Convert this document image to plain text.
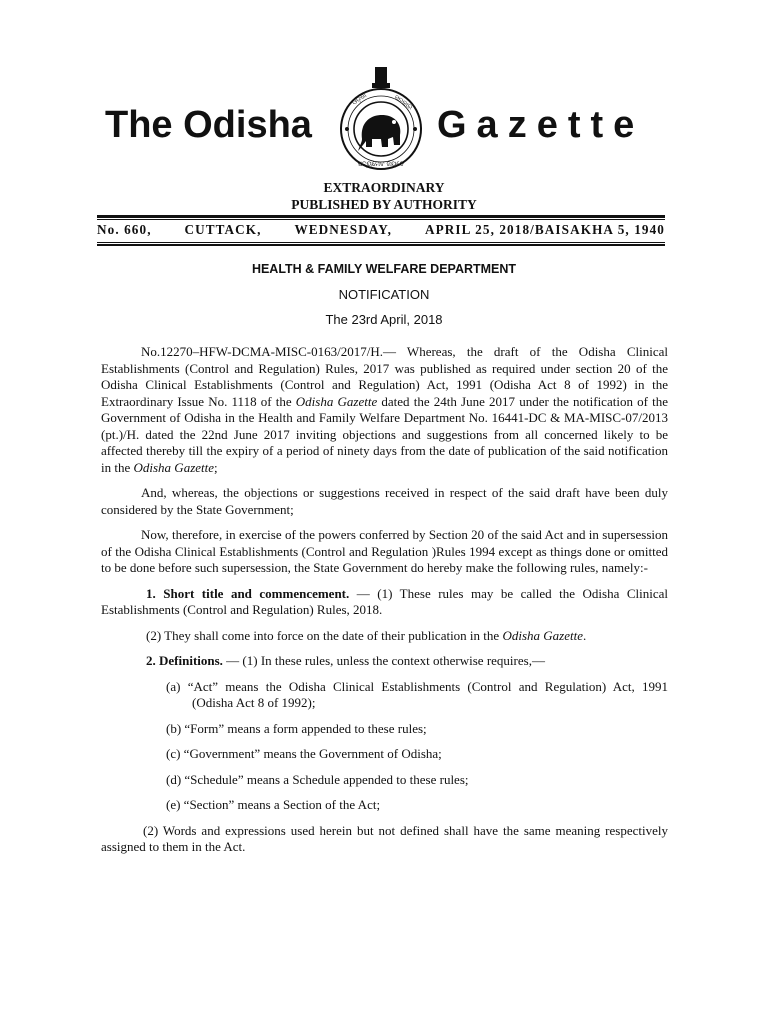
The Odisha
ଓଡ଼ିଶା	ସରକାର
ସତ୍ୟମେବ ଜୟତେ
Gazette
EXTRAORDINARY
PUBLISHED BY AUTHORITY
No. 660, CUTTACK, WEDNESDAY, APRIL 25, 2018/BAISAKHA 5, 1940
HEALTH & FAMILY WELFARE DEPARTMENT
NOTIFICATION
The 23rd April, 2018

No.12270–HFW-DCMA-MISC-0163/2017/H.— Whereas, the draft of the Odisha Clinical Establishments (Control and Regulation) Rules, 2017 was published as required under section 20 of the Odisha Clinical Establishments (Control and Regulation) Act, 1991 (Odisha Act 8 of 1992) in the Extraordinary Issue No. 1118 of the Odisha Gazette dated the 24th June 2017 under the notification of the Government of Odisha in the Health and Family Welfare Department No. 16441-DC & MA-MISC-07/2013 (pt.)/H. dated the 22nd June 2017 inviting objections and suggestions from all concerned likely to be affected thereby till the expiry of a period of ninety days from the date of publication of the said notification in the Odisha Gazette;

And, whereas, the objections or suggestions received in respect of the said draft have been duly considered by the State Government;

Now, therefore, in exercise of the powers conferred by Section 20 of the said Act and in supersession of the Odisha Clinical Establishments (Control and Regulation )Rules 1994 except as things done or omitted to be done before such supersession, the State Government do hereby make the following rules, namely:-

1. Short title and commencement. — (1) These rules may be called the Odisha Clinical Establishments (Control and Regulation) Rules, 2018.

(2) They shall come into force on the date of their publication in the Odisha Gazette.

2. Definitions. — (1) In these rules, unless the context otherwise requires,—

(a) “Act” means the Odisha Clinical Establishments (Control and Regulation) Act, 1991 (Odisha Act 8 of 1992);

(b) “Form” means a form appended to these rules;

(c) “Government” means the Government of Odisha;

(d) “Schedule” means a Schedule appended to these rules;

(e) “Section” means a Section of the Act;

(2) Words and expressions used herein but not defined shall have the same meaning respectively assigned to them in the Act.
